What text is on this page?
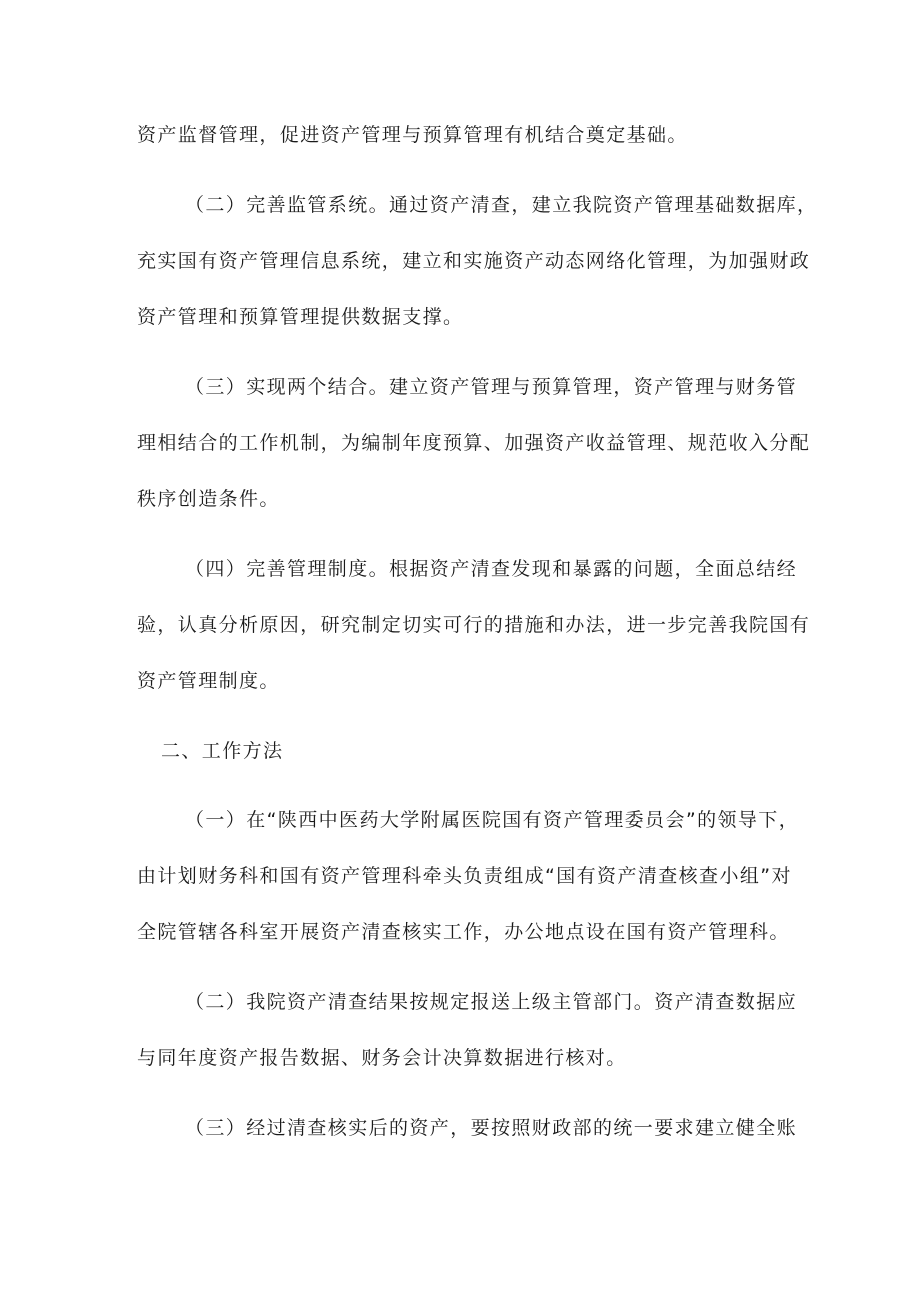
资产监督管理，促进资产管理与预算管理有机结合奠定基础。
（二）完善监管系统。通过资产清查，建立我院资产管理基础数据库，
充实国有资产管理信息系统，建立和实施资产动态网络化管理，为加强财政
资产管理和预算管理提供数据支撑。
（三）实现两个结合。建立资产管理与预算管理，资产管理与财务管
理相结合的工作机制，为编制年度预算、加强资产收益管理、规范收入分配
秩序创造条件。
（四）完善管理制度。根据资产清查发现和暴露的问题，全面总结经
验，认真分析原因，研究制定切实可行的措施和办法，进一步完善我院国有
资产管理制度。
二、工作方法
（一）在“陕西中医药大学附属医院国有资产管理委员会”的领导下，
由计划财务科和国有资产管理科牵头负责组成“国有资产清查核查小组”对
全院管辖各科室开展资产清查核实工作，办公地点设在国有资产管理科。
（二）我院资产清查结果按规定报送上级主管部门。资产清查数据应
与同年度资产报告数据、财务会计决算数据进行核对。
（三）经过清查核实后的资产，要按照财政部的统一要求建立健全账
